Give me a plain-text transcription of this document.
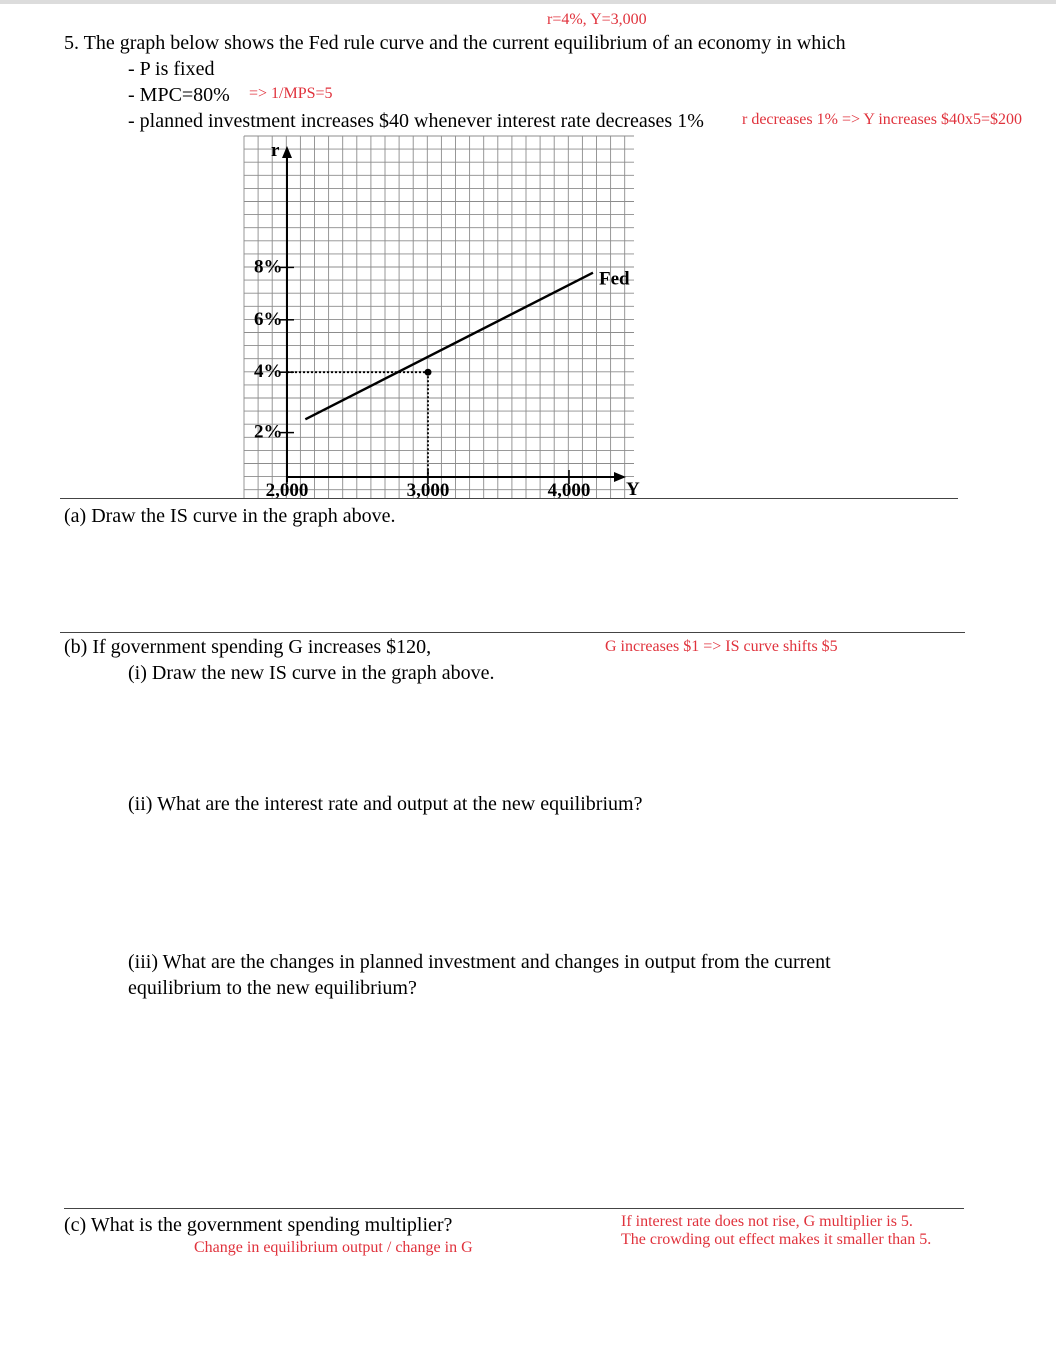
r=4%, Y=3,000
5. The graph below shows the Fed rule curve and the current equilibrium of an economy in which
- P is fixed
- MPC=80% => 1/MPS=5
- planned investment increases $40 whenever interest rate decreases 1% r decreases 1% => Y increases $40x5=$200
2%
4%
6%
8%
2,000	3,000	4,000
Fed
r
Y
(a) Draw the IS curve in the graph above.
(b) If government spending G increases $120,	G increases $1 => IS curve shifts $5
(i) Draw the new IS curve in the graph above.
(ii) What are the interest rate and output at the new equilibrium?
(iii) What are the changes in planned investment and changes in output from the current
equilibrium to the new equilibrium?
(c) What is the government spending multiplier?
Change in equilibrium output / change in G
If interest rate does not rise, G multiplier is 5.
The crowding out effect makes it smaller than 5.
